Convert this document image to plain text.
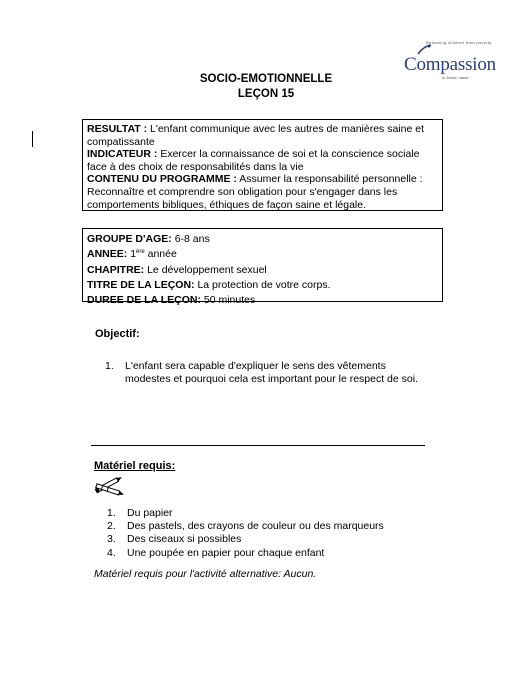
Releasing children from poverty
Compassion
in Jesus' name
SOCIO-EMOTIONNELLE
LEÇON 15

RESULTAT : L'enfant communique avec les autres de manières saine et compatissante

INDICATEUR : Exercer la connaissance de soi et la conscience sociale face à des choix de responsabilités dans la vie

CONTENU DU PROGRAMME : Assumer la responsabilité personnelle : Reconnaître et comprendre son obligation pour s'engager dans les comportements bibliques, éthiques de façon saine et légale.

GROUPE D'AGE: 6-8 ans
ANNEE: 1ère année
CHAPITRE: Le développement sexuel
TITRE DE LA LEÇON: La protection de votre corps.
DUREE DE LA LEÇON: 50 minutes
Objectif:
1. L'enfant sera capable d'expliquer le sens des vêtements
modestes et pourquoi cela est important pour le respect de soi.
Matériel requis:
1. Du papier
2. Des pastels, des crayons de couleur ou des marqueurs
3. Des ciseaux si possibles
4. Une poupée en papier pour chaque enfant
Matériel requis pour l'activité alternative: Aucun.
